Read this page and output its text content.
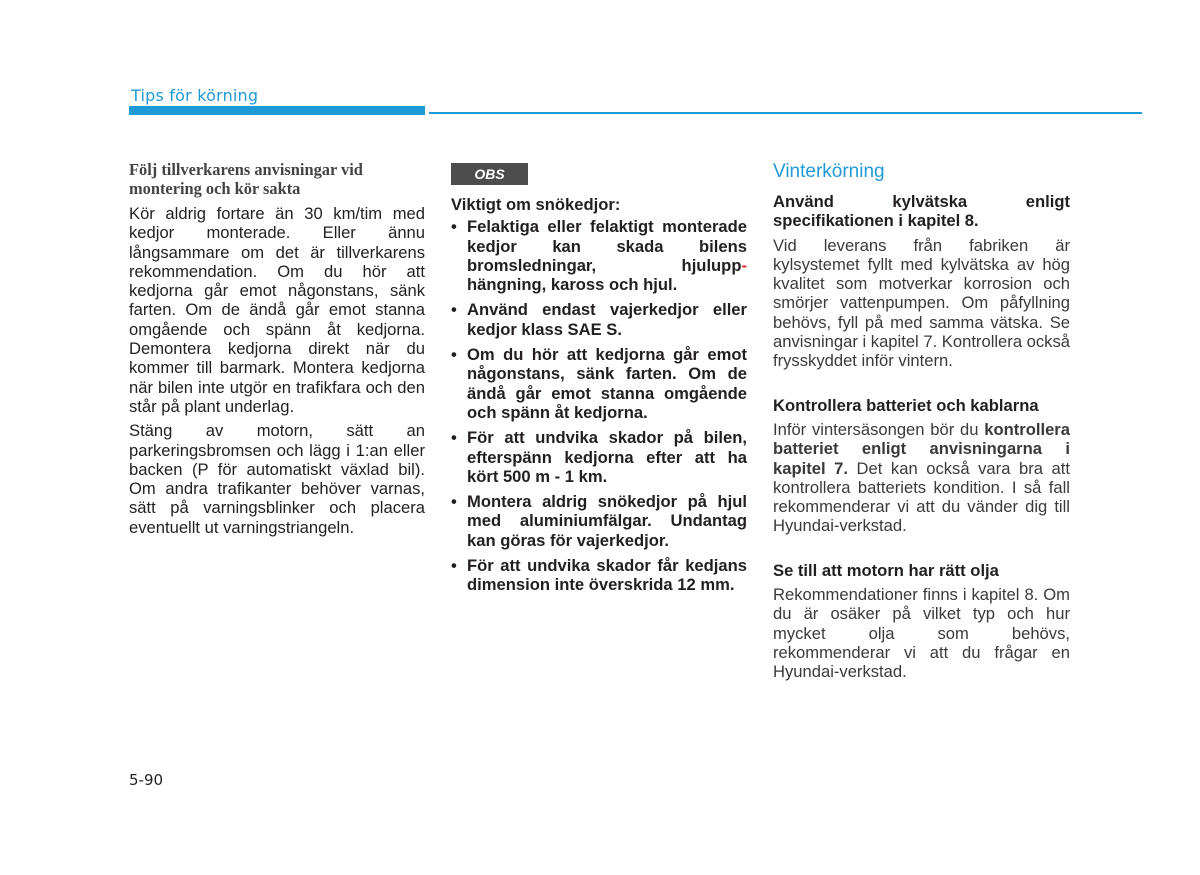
Tips för körning
Följ tillverkarens anvisningar vid montering och kör sakta

Kör aldrig fortare än 30 km/tim med kedjor monterade. Eller ännu långsammare om det är tillverkarens rekommendation. Om du hör att kedjorna går emot någonstans, sänk farten. Om de ändå går emot stanna omgående och spänn åt kedjorna. Demontera kedjorna direkt när du kommer till barmark. Montera kedjorna när bilen inte utgör en trafikfara och den står på plant underlag.

Stäng av motorn, sätt an parkeringsbromsen och lägg i 1:an eller backen (P för automatiskt växlad bil). Om andra trafikanter behöver varnas, sätt på varningsblinker och placera eventuellt ut varningstriangeln.

OBS
Viktigt om snökedjor:
• Felaktiga eller felaktigt monterade kedjor kan skada bilens bromsledningar, hjulupp- hängning, kaross och hjul.
• Använd endast vajerkedjor eller kedjor klass SAE S.
• Om du hör att kedjorna går emot någonstans, sänk farten. Om de ändå går emot stanna omgående och spänn åt kedjorna.
• För att undvika skador på bilen, efterspänn kedjorna efter att ha kört 500 m - 1 km.
• Montera aldrig snökedjor på hjul med aluminiumfälgar. Undantag kan göras för vajerkedjor.
• För att undvika skador får kedjans dimension inte överskrida 12 mm.
Vinterkörning
Använd kylvätska enligt specifikationen i kapitel 8.

Vid leverans från fabriken är kylsystemet fyllt med kylvätska av hög kvalitet som motverkar korrosion och smörjer vattenpumpen. Om påfyllning behövs, fyll på med samma vätska. Se anvisningar i kapitel 7. Kontrollera också frysskyddet inför vintern.

Kontrollera batteriet och kablarna

Inför vintersäsongen bör du kontrollera batteriet enligt anvisningarna i kapitel 7. Det kan också vara bra att kontrollera batteriets kondition. I så fall rekommenderar vi att du vänder dig till Hyundai-verkstad.

Se till att motorn har rätt olja

Rekommendationer finns i kapitel 8. Om du är osäker på vilket typ och hur mycket olja som behövs, rekommenderar vi att du frågar en Hyundai-verkstad.

5-90
